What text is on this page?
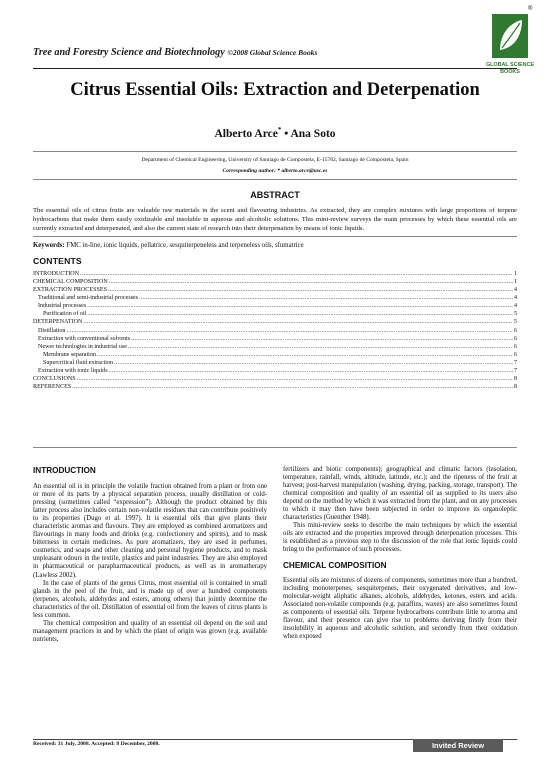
Tree and Forestry Science and Biotechnology ©2008 Global Science Books
®
GLOBAL SCIENCE
BOOKS
Citrus Essential Oils: Extraction and Deterpenation
Alberto Arce* • Ana Soto
Department of Chemical Engineering, University of Santiago de Compostela, E-15782, Santiago de Compostela, Spain
Corresponding author: * alberto.arce@usc.es
ABSTRACT
The essential oils of citrus fruits are valuable raw materials in the scent and flavouring industries. As extracted, they are complex mixtures with large proportions of terpene hydrocarbons that make them easily oxidizable and insoluble in aqueous and alcoholic solutions. This mini-review surveys the main processes by which these essential oils are currently extracted and deterpenated, and also the current state of research into their deterpenation by means of ionic liquids.
Keywords: FMC in-line, ionic liquids, pellatrice, sesquiterpeneless and terpeneless oils, sfumatrice
CONTENTS
INTRODUCTION .....	1
CHEMICAL COMPOSITION .....	1
EXTRACTION PROCESSES .....	4
Traditional and semi-industrial processes .....	4
Industrial processes .....	4
Purification of oil .....	5
DETERPENATION .....	5
Distillation .....	6
Extraction with conventional solvents .....	6
Newer technologies in industrial use .....	6
Membrane separation .....	6
Supercritical fluid extraction .....	7
Extraction with ionic liquids .....	7
CONCLUSIONS .....	8
REFERENCES .....	8
INTRODUCTION

An essential oil is in principle the volatile fraction obtained from a plant or from one or more of its parts by a physical separation process, usually distillation or cold-pressing (sometimes called “expression”). Although the product obtained by this latter process also includes certain non-volatile residues that can contribute positively to its properties (Dugo et al. 1997). It is essential oils that give plants their characteristic aromas and flavours. They are employed as combined aromatizers and flavourings in many foods and drinks (e.g. confectionery and spirits), and to mask bitterness in certain medicines. As pure aromatizers, they are used in perfumes, cosmetics, and soaps and other cleaning and personal hygiene products, and to mask unpleasant odours in the textile, plastics and paint industries. They are also employed in pharmaceutical or parapharmaceutical products, as well as in aromatherapy (Lawless 2002).

In the case of plants of the genus Citrus, most essential oil is contained in small glands in the peel of the fruit, and is made up of over a hundred components (terpenes, alcohols, aldehydes and esters, among others) that jointly determine the characteristics of the oil. Distillation of essential oil from the leaves of citrus plants is less common.

The chemical composition and quality of an essential oil depend on the soil and management practices in and by which the plant of origin was grown (e.g. available nutrients,

fertilizers and biotic components); geographical and climatic factors (insolation, temperature, rainfall, winds, altitude, latitude, etc.); and the ripeness of the fruit at harvest; post-harvest manipulation (washing, drying, packing, storage, transport). The chemical composition and quality of an essential oil as supplied to its users also depend on the method by which it was extracted from the plant, and on any processes to which it may then have been subjected in order to improve its organoleptic characteristics (Guenther 1948).

This mini-review seeks to describe the main techniques by which the essential oils are extracted and the properties improved through deterpenation processes. This is established as a previous step to the discussion of the role that ionic liquids could bring to the performance of such processes.

CHEMICAL COMPOSITION

Essential oils are mixtures of dozens of components, sometimes more than a hundred, including monoterpenes, sesquiterpenes, their oxygenated derivatives, and low-molecular-weight aliphatic alkanes, alcohols, aldehydes, ketones, esters and acids. Associated non-volatile compounds (e.g. paraffins, waxes) are also sometimes found as components of essential oils. Terpene hydrocarbons contribute little to aroma and flavour, and their presence can give rise to problems deriving firstly from their insolubility in aqueous and alcoholic solution, and secondly from their oxidation when exposed

Received: 31 July, 2008. Accepted: 8 December, 2008.	Invited Review
